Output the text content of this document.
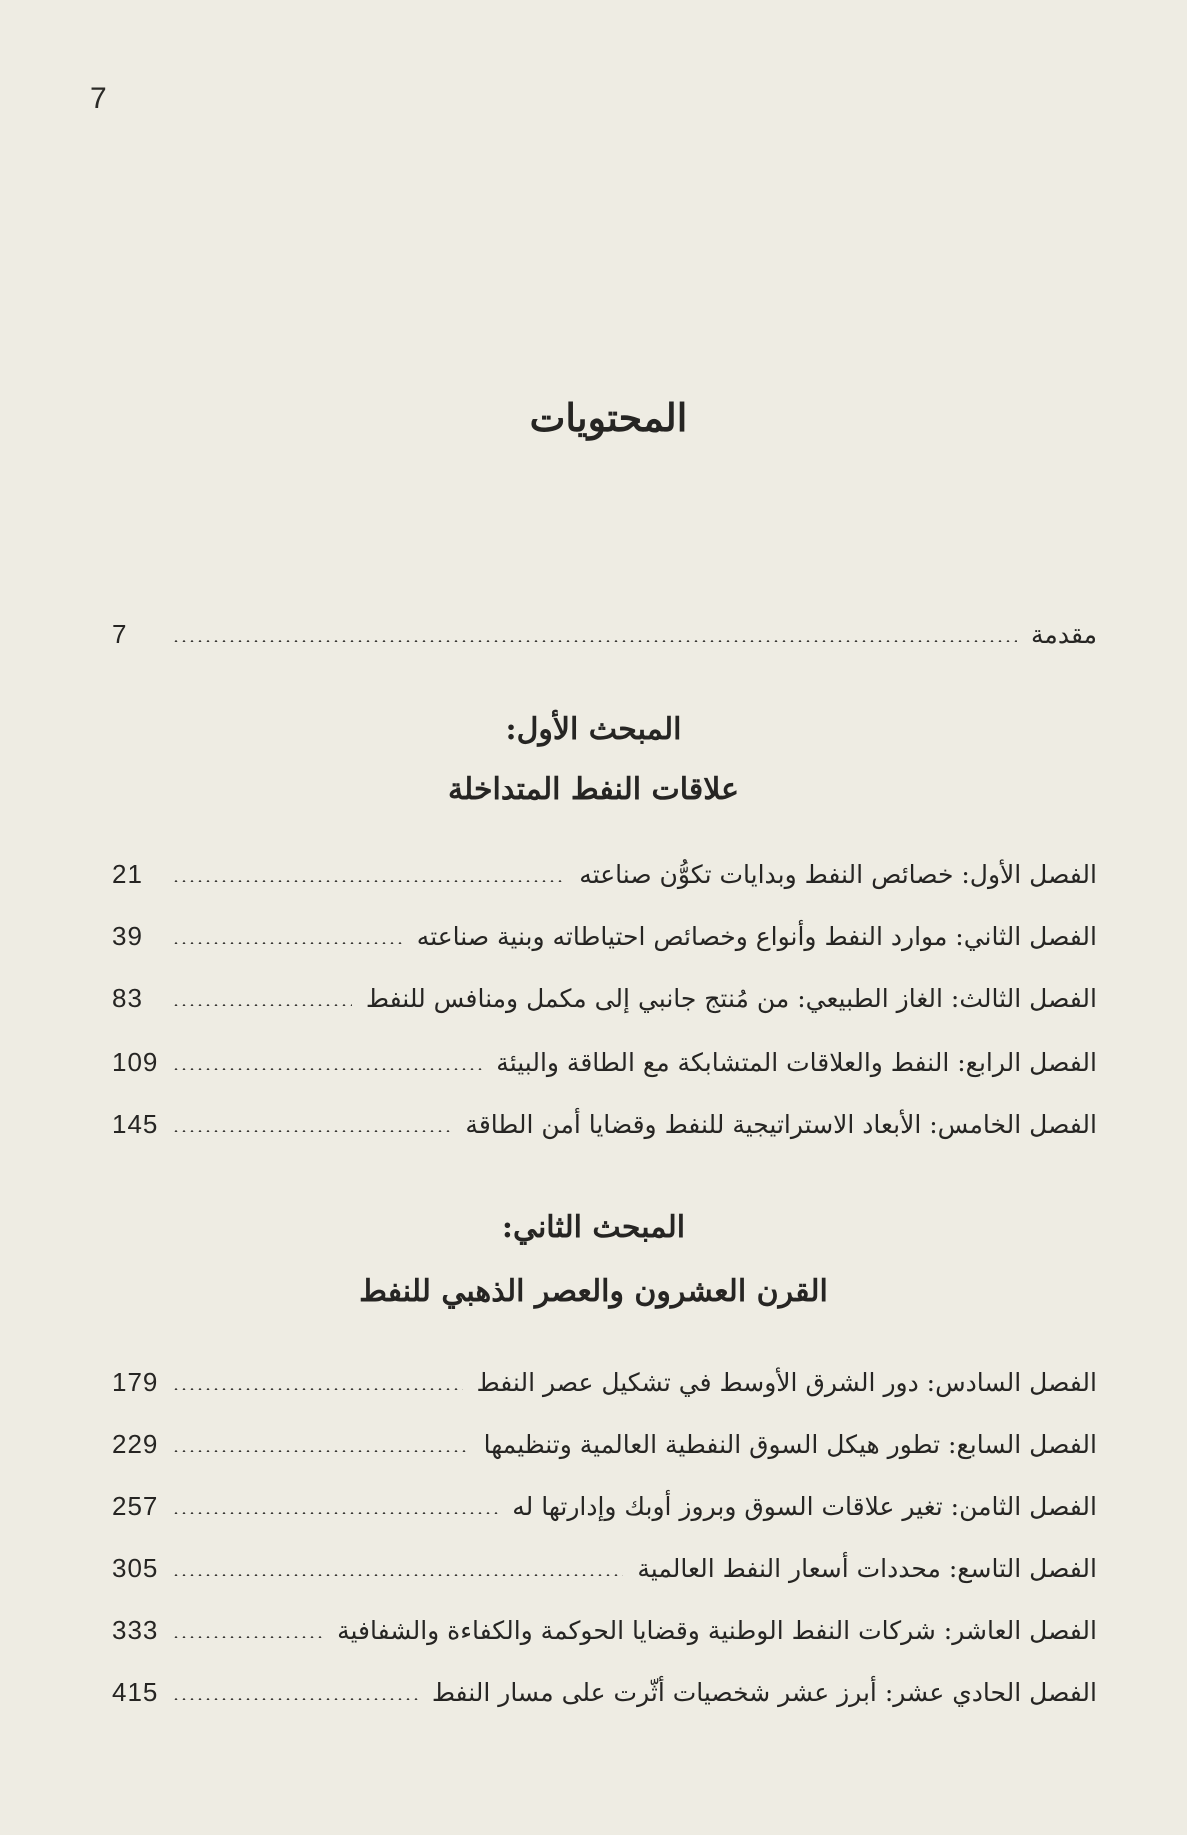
7
المحتويات
7	مقدمة
المبحث الأول:
علاقات النفط المتداخلة
21	الفصل الأول: خصائص النفط وبدايات تكوُّن صناعته
39	الفصل الثاني: موارد النفط وأنواع وخصائص احتياطاته وبنية صناعته
83	الفصل الثالث: الغاز الطبيعي: من مُنتج جانبي إلى مكمل ومنافس للنفط
109	الفصل الرابع: النفط والعلاقات المتشابكة مع الطاقة والبيئة
145	الفصل الخامس: الأبعاد الاستراتيجية للنفط وقضايا أمن الطاقة
المبحث الثاني:
القرن العشرون والعصر الذهبي للنفط
179	الفصل السادس: دور الشرق الأوسط في تشكيل عصر النفط
229	الفصل السابع: تطور هيكل السوق النفطية العالمية وتنظيمها
257	الفصل الثامن: تغير علاقات السوق وبروز أوبك وإدارتها له
305	الفصل التاسع: محددات أسعار النفط العالمية
333	الفصل العاشر: شركات النفط الوطنية وقضايا الحوكمة والكفاءة والشفافية
415	الفصل الحادي عشر: أبرز عشر شخصيات أثّرت على مسار النفط
